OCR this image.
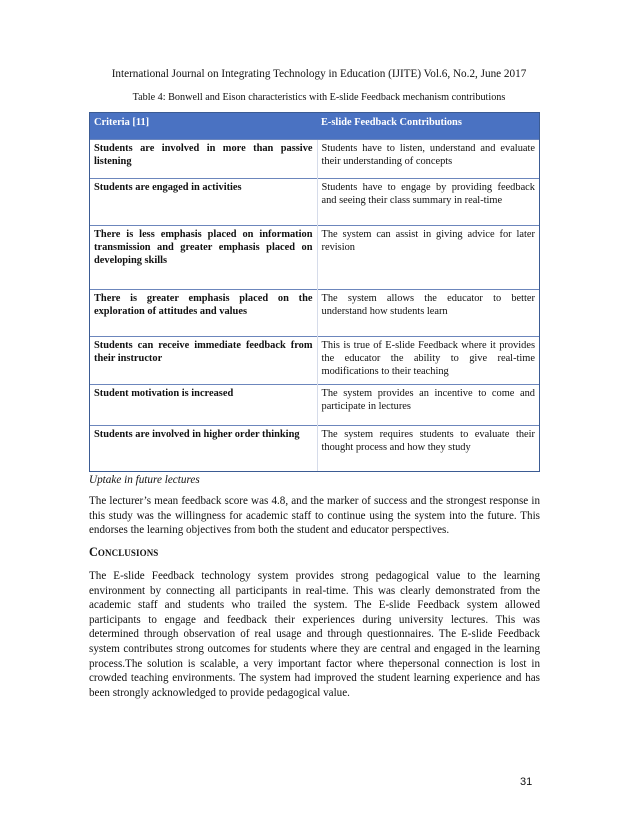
International Journal on Integrating Technology in Education (IJITE) Vol.6, No.2, June 2017
Table 4: Bonwell and Eison characteristics with E-slide Feedback mechanism contributions
Criteria [11]	E-slide Feedback Contributions
Students are involved in more than passive listening	Students have to listen, understand and evaluate their understanding of concepts
Students are engaged in activities	Students have to engage by providing feedback and seeing their class summary in real-time
There is less emphasis placed on information transmission and greater emphasis placed on developing skills	The system can assist in giving advice for later revision
There is greater emphasis placed on the exploration of attitudes and values	The system allows the educator to better understand how students learn
Students can receive immediate feedback from their instructor	This is true of E-slide Feedback where it provides the educator the ability to give real-time modifications to their teaching
Student motivation is increased	The system provides an incentive to come and participate in lectures
Students are involved in higher order thinking	The system requires students to evaluate their thought process and how they study
Uptake in future lectures

The lecturer’s mean feedback score was 4.8, and the marker of success and the strongest response in this study was the willingness for academic staff to continue using the system into the future. This endorses the learning objectives from both the student and educator perspectives.

Conclusions

The E-slide Feedback technology system provides strong pedagogical value to the learning environment by connecting all participants in real-time. This was clearly demonstrated from the academic staff and students who trailed the system. The E-slide Feedback system allowed participants to engage and feedback their experiences during university lectures. This was determined through observation of real usage and through questionnaires. The E-slide Feedback system contributes strong outcomes for students where they are central and engaged in the learning process.The solution is scalable, a very important factor where thepersonal connection is lost in crowded teaching environments. The system had improved the student learning experience and has been strongly acknowledged to provide pedagogical value.

31
